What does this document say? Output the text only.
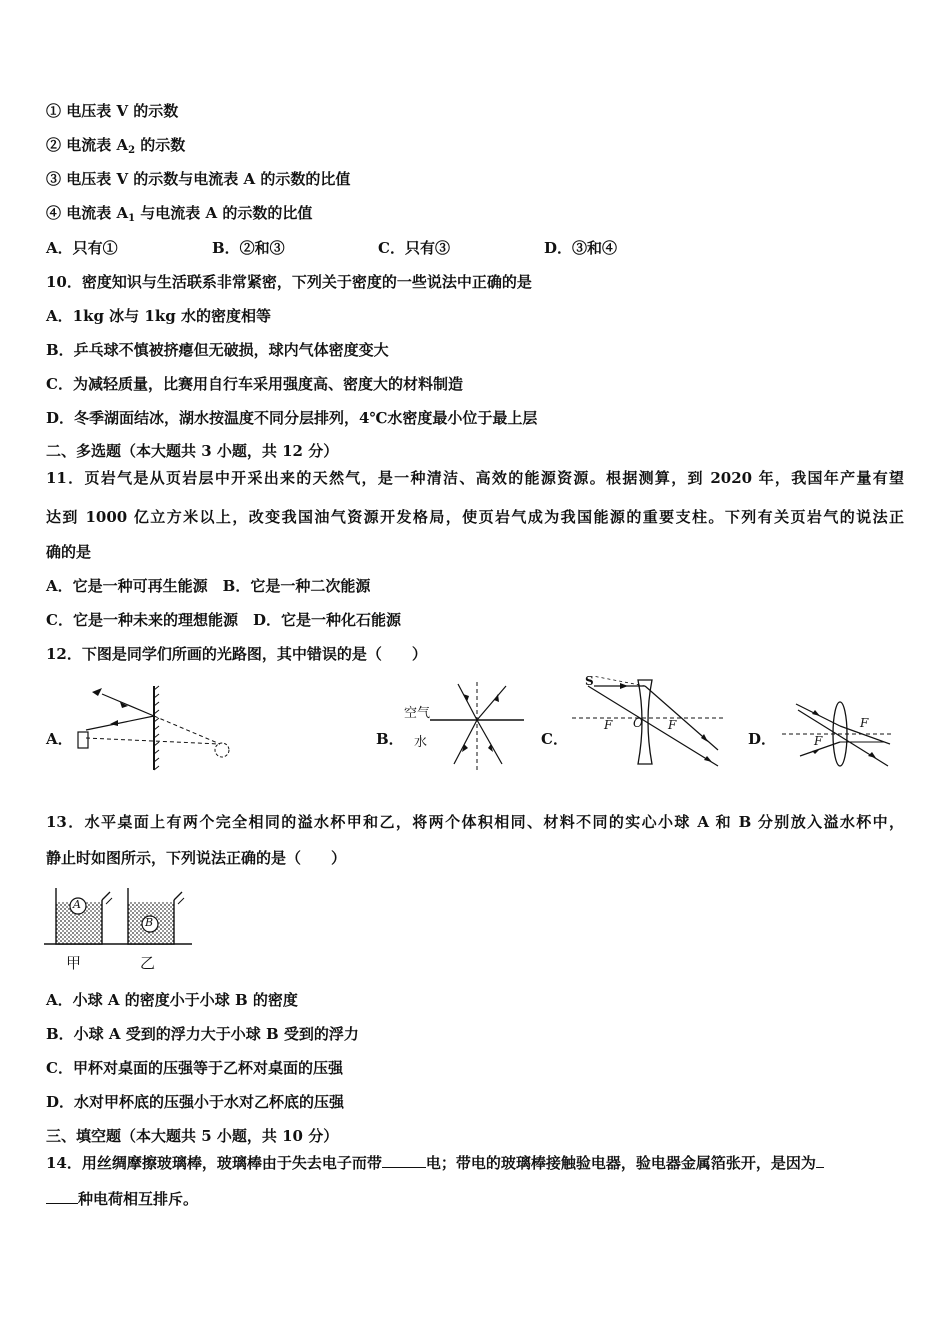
① 电压表 V 的示数
② 电流表 $A_2$ 的示数
③ 电压表 V 的示数与电流表 A 的示数的比值
④ 电流表 $A_1$ 与电流表 A 的示数的比值
A．只有①	B．②和③	C．只有③	D．③和④
10．密度知识与生活联系非常紧密，下列关于密度的一些说法中正确的是
A．1kg 冰与 1kg 水的密度相等
B．乒乓球不慎被挤瘪但无破损，球内气体密度变大
C．为减轻质量，比赛用自行车采用强度高、密度大的材料制造
D．冬季湖面结冰，湖水按温度不同分层排列，4℃水密度最小位于最上层
二、多选题（本大题共 3 小题，共 12 分）
11．页岩气是从页岩层中开采出来的天然气，是一种清洁、高效的能源资源。根据测算，到 2020 年，我国年产量有望
达到 1000 亿立方米以上，改变我国油气资源开发格局，使页岩气成为我国能源的重要支柱。下列有关页岩气的说法正
确的是
A．它是一种可再生能源　B．它是一种二次能源
C．它是一种未来的理想能源　D．它是一种化石能源
12．下图是同学们所画的光路图，其中错误的是（　　）
A．	B．
空气
水	C．
S
F O F
D．	F
F
13．水平桌面上有两个完全相同的溢水杯甲和乙，将两个体积相同、材料不同的实心小球 A 和 B 分别放入溢水杯中，
静止时如图所示，下列说法正确的是（　　）
A
B
甲	乙
A．小球 A 的密度小于小球 B 的密度
B．小球 A 受到的浮力大于小球 B 受到的浮力
C．甲杯对桌面的压强等于乙杯对桌面的压强
D．水对甲杯底的压强小于水对乙杯底的压强
三、填空题（本大题共 5 小题，共 10 分）
14．用丝绸摩擦玻璃棒，玻璃棒由于失去电子而带	电；带电的玻璃棒接触验电器，验电器金属箔张开，是因为
种电荷相互排斥。
